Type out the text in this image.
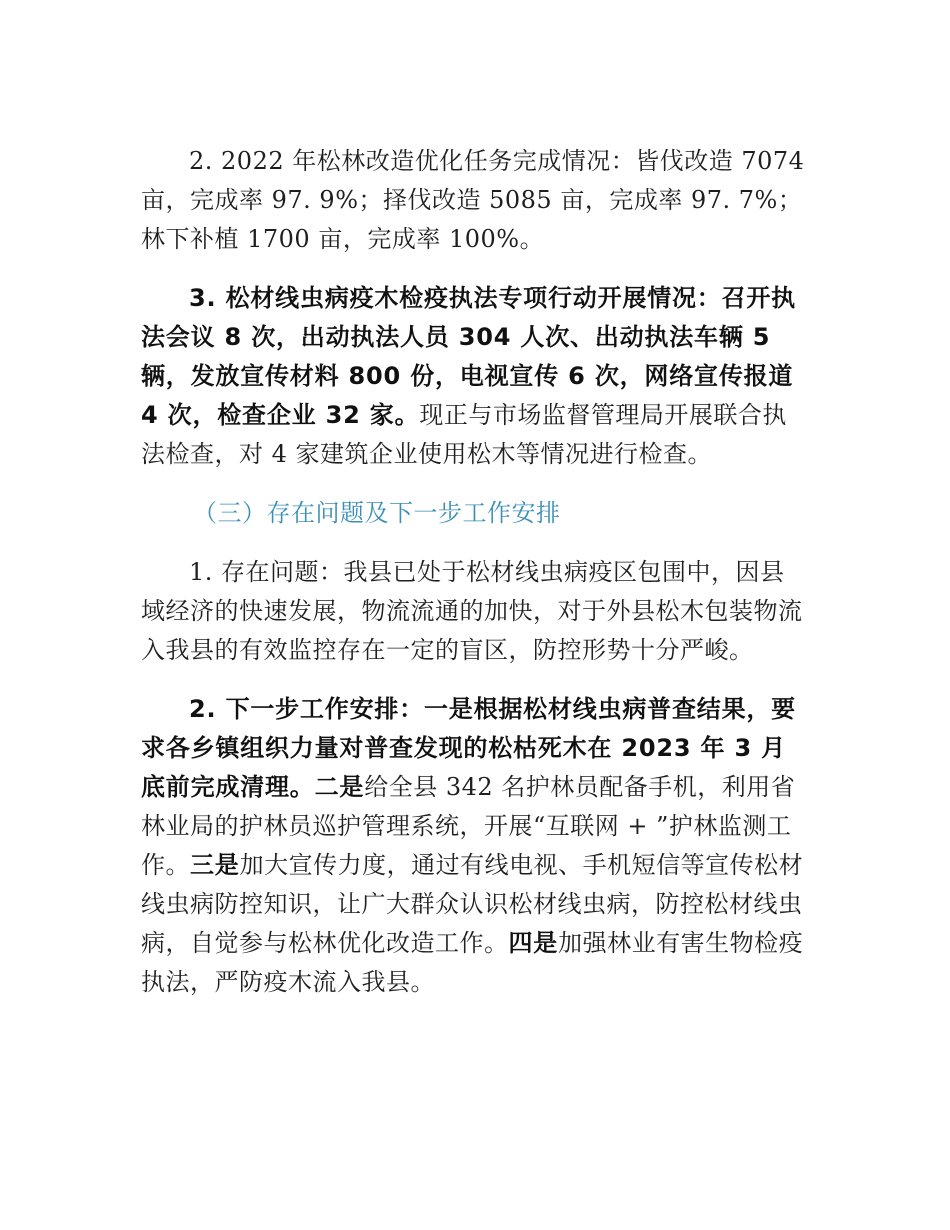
2. 2022 年松林改造优化任务完成情况：皆伐改造 7074 亩，完成率 97. 9%；择伐改造 5085 亩，完成率 97. 7%；林下补植 1700 亩，完成率 100%。

3. 松材线虫病疫木检疫执法专项行动开展情况：召开执法会议 8 次，出动执法人员 304 人次、出动执法车辆 5 辆，发放宣传材料 800 份，电视宣传 6 次，网络宣传报道 4 次，检查企业 32 家。现正与市场监督管理局开展联合执法检查，对 4 家建筑企业使用松木等情况进行检查。

（三）存在问题及下一步工作安排

1. 存在问题：我县已处于松材线虫病疫区包围中，因县域经济的快速发展，物流流通的加快，对于外县松木包装物流入我县的有效监控存在一定的盲区，防控形势十分严峻。

2. 下一步工作安排：一是根据松材线虫病普查结果，要求各乡镇组织力量对普查发现的松枯死木在 2023 年 3 月底前完成清理。二是给全县 342 名护林员配备手机，利用省林业局的护林员巡护管理系统，开展“互联网 + ”护林监测工作。三是加大宣传力度，通过有线电视、手机短信等宣传松材线虫病防控知识，让广大群众认识松材线虫病，防控松材线虫病，自觉参与松林优化改造工作。四是加强林业有害生物检疫执法，严防疫木流入我县。
